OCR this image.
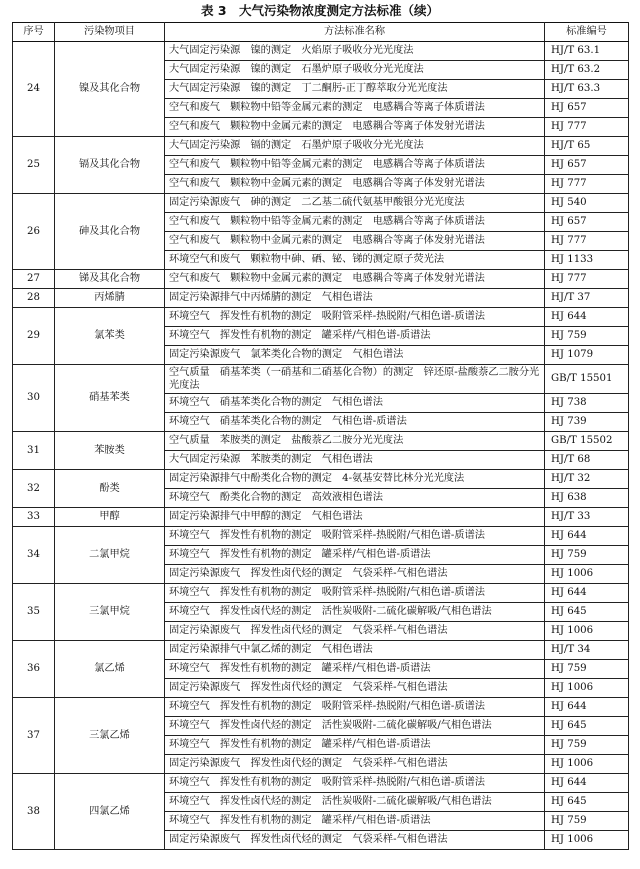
表 3　大气污染物浓度测定方法标准（续）
序号	污染物项目	方法标准名称	标准编号
24	镍及其化合物	大气固定污染源　镍的测定　火焰原子吸收分光光度法	HJ/T 63.1
		大气固定污染源　镍的测定　石墨炉原子吸收分光光度法	HJ/T 63.2
		大气固定污染源　镍的测定　丁二酮肟-正丁醇萃取分光光度法	HJ/T 63.3
		空气和废气　颗粒物中铅等金属元素的测定　电感耦合等离子体质谱法	HJ 657
		空气和废气　颗粒物中金属元素的测定　电感耦合等离子体发射光谱法	HJ 777
25	镉及其化合物	大气固定污染源　镉的测定　石墨炉原子吸收分光光度法	HJ/T 65
		空气和废气　颗粒物中铅等金属元素的测定　电感耦合等离子体质谱法	HJ 657
		空气和废气　颗粒物中金属元素的测定　电感耦合等离子体发射光谱法	HJ 777
26	砷及其化合物	固定污染源废气　砷的测定　二乙基二硫代氨基甲酸银分光光度法	HJ 540
		空气和废气　颗粒物中铅等金属元素的测定　电感耦合等离子体质谱法	HJ 657
		空气和废气　颗粒物中金属元素的测定　电感耦合等离子体发射光谱法	HJ 777
		环境空气和废气　颗粒物中砷、硒、铋、锑的测定原子荧光法	HJ 1133
27	锑及其化合物	空气和废气　颗粒物中金属元素的测定　电感耦合等离子体发射光谱法	HJ 777
28	丙烯腈	固定污染源排气中丙烯腈的测定　气相色谱法	HJ/T 37
29	氯苯类	环境空气　挥发性有机物的测定　吸附管采样-热脱附/气相色谱-质谱法	HJ 644
		环境空气　挥发性有机物的测定　罐采样/气相色谱-质谱法	HJ 759
		固定污染源废气　氯苯类化合物的测定　气相色谱法	HJ 1079
30	硝基苯类	空气质量　硝基苯类（一硝基和二硝基化合物）的测定　锌还原-盐酸萘乙二胺分光光度法	GB/T 15501
		环境空气　硝基苯类化合物的测定　气相色谱法	HJ 738
		环境空气　硝基苯类化合物的测定　气相色谱-质谱法	HJ 739
31	苯胺类	空气质量　苯胺类的测定　盐酸萘乙二胺分光光度法	GB/T 15502
		大气固定污染源　苯胺类的测定　气相色谱法	HJ/T 68
32	酚类	固定污染源排气中酚类化合物的测定　4-氨基安替比林分光光度法	HJ/T 32
		环境空气　酚类化合物的测定　高效液相色谱法	HJ 638
33	甲醇	固定污染源排气中甲醇的测定　气相色谱法	HJ/T 33
34	二氯甲烷	环境空气　挥发性有机物的测定　吸附管采样-热脱附/气相色谱-质谱法	HJ 644
		环境空气　挥发性有机物的测定　罐采样/气相色谱-质谱法	HJ 759
		固定污染源废气　挥发性卤代烃的测定　气袋采样-气相色谱法	HJ 1006
35	三氯甲烷	环境空气　挥发性有机物的测定　吸附管采样-热脱附/气相色谱-质谱法	HJ 644
		环境空气　挥发性卤代烃的测定　活性炭吸附-二硫化碳解吸/气相色谱法	HJ 645
		固定污染源废气　挥发性卤代烃的测定　气袋采样-气相色谱法	HJ 1006
36	氯乙烯	固定污染源排气中氯乙烯的测定　气相色谱法	HJ/T 34
		环境空气　挥发性有机物的测定　罐采样/气相色谱-质谱法	HJ 759
		固定污染源废气　挥发性卤代烃的测定　气袋采样-气相色谱法	HJ 1006
37	三氯乙烯	环境空气　挥发性有机物的测定　吸附管采样-热脱附/气相色谱-质谱法	HJ 644
		环境空气　挥发性卤代烃的测定　活性炭吸附-二硫化碳解吸/气相色谱法	HJ 645
		环境空气　挥发性有机物的测定　罐采样/气相色谱-质谱法	HJ 759
		固定污染源废气　挥发性卤代烃的测定　气袋采样-气相色谱法	HJ 1006
38	四氯乙烯	环境空气　挥发性有机物的测定　吸附管采样-热脱附/气相色谱-质谱法	HJ 644
		环境空气　挥发性卤代烃的测定　活性炭吸附-二硫化碳解吸/气相色谱法	HJ 645
		环境空气　挥发性有机物的测定　罐采样/气相色谱-质谱法	HJ 759
		固定污染源废气　挥发性卤代烃的测定　气袋采样-气相色谱法	HJ 1006
